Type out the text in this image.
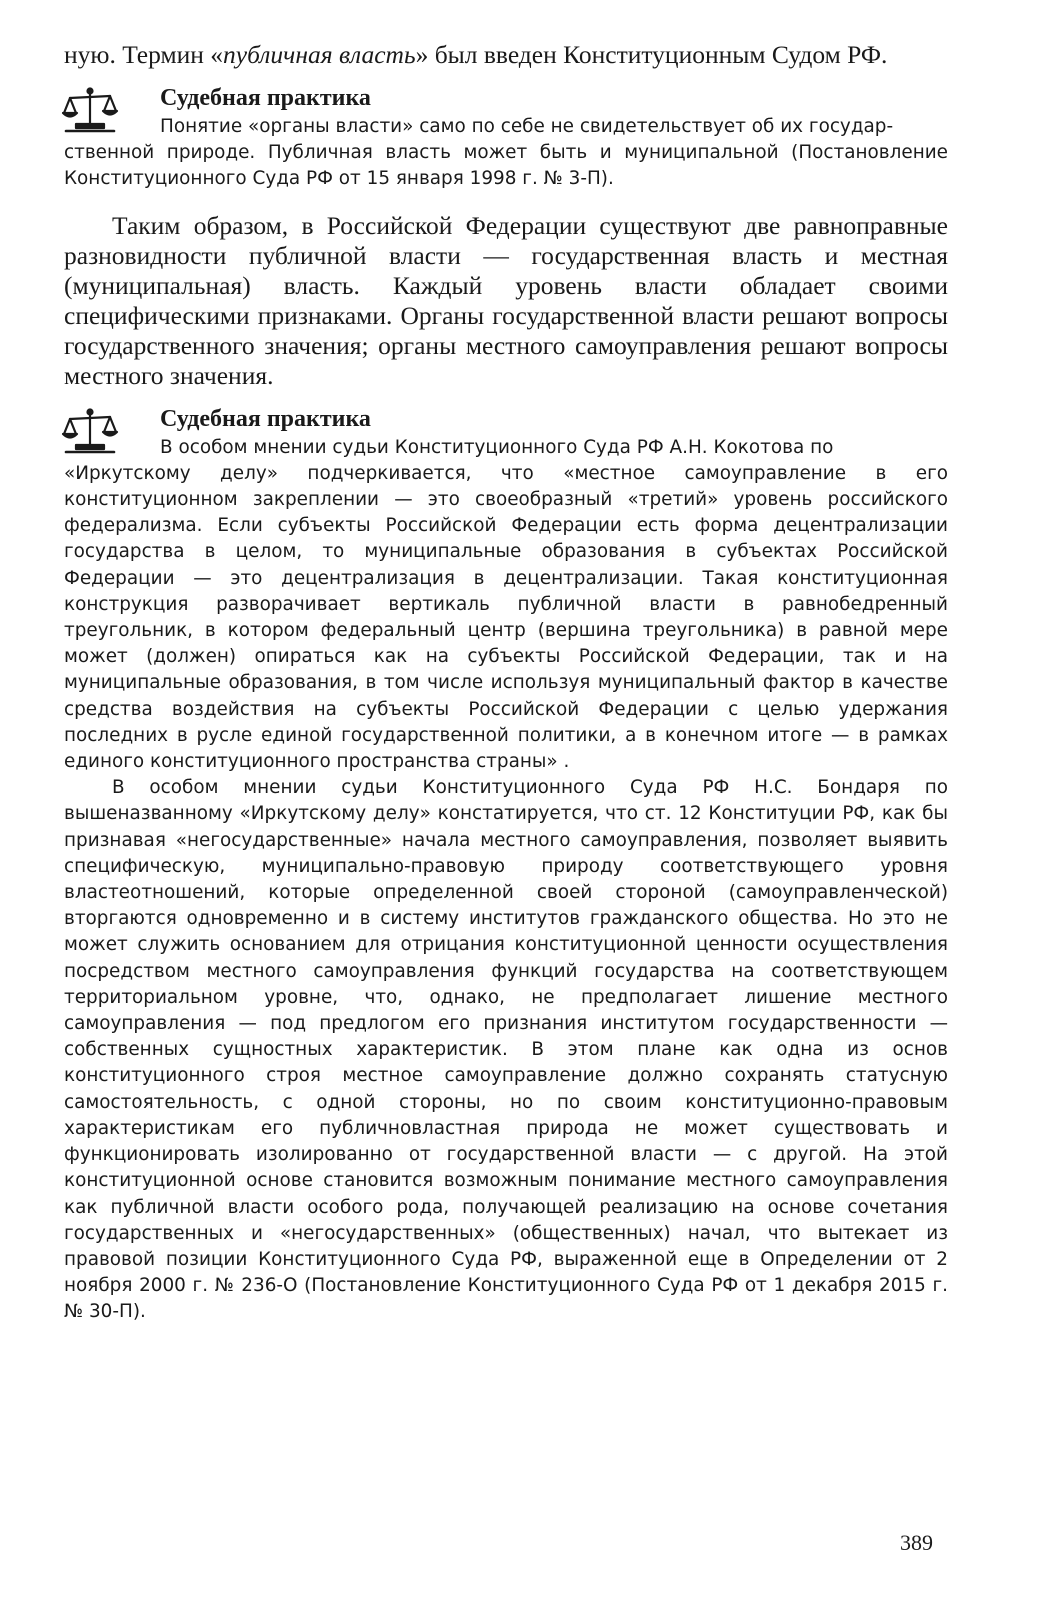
ную. Термин «публичная власть» был введен Конституционным Судом РФ.

Судебная практика

Понятие «органы власти» само по себе не свидетельствует об их государ-
ственной природе. Публичная власть может быть и муниципальной (Постановление Конституционного Суда РФ от 15 января 1998 г. № 3-П).

Таким образом, в Российской Федерации существуют две равноправные разновидности публичной власти — государственная власть и местная (муниципальная) власть. Каждый уровень власти обладает своими специфическими признаками. Органы государственной власти решают вопросы государственного значения; органы местного самоуправления решают вопросы местного значения.

Судебная практика

В особом мнении судьи Конституционного Суда РФ А.Н. Кокотова по
«Иркутскому делу» подчеркивается, что «местное самоуправление в его конституционном закреплении — это своеобразный «третий» уровень российского федерализма. Если субъекты Российской Федерации есть форма децентрализации государства в целом, то муниципальные образования в субъектах Российской Федерации — это децентрализация в децентрализации. Такая конституционная конструкция разворачивает вертикаль публичной власти в равнобедренный треугольник, в котором федеральный центр (вершина треугольника) в равной мере может (должен) опираться как на субъекты Российской Федерации, так и на муниципальные образования, в том числе используя муниципальный фактор в качестве средства воздействия на субъекты Российской Федерации с целью удержания последних в русле единой государственной политики, а в конечном итоге — в рамках единого конституционного пространства страны» .
В особом мнении судьи Конституционного Суда РФ Н.С. Бондаря по вышеназванному «Иркутскому делу» констатируется, что ст. 12 Конституции РФ, как бы признавая «негосударственные» начала местного самоуправления, позволяет выявить специфическую, муниципально-правовую природу соответствующего уровня властеотношений, которые определенной своей стороной (самоуправленческой) вторгаются одновременно и в систему институтов гражданского общества. Но это не может служить основанием для отрицания конституционной ценности осуществления посредством местного самоуправления функций государства на соответствующем территориальном уровне, что, однако, не предполагает лишение местного самоуправления — под предлогом его признания институтом государственности — собственных сущностных характеристик. В этом плане как одна из основ конституционного строя местное самоуправление должно сохранять статусную самостоятельность, с одной стороны, но по своим конституционно-правовым характеристикам его публичновластная природа не может существовать и функционировать изолированно от государственной власти — с другой. На этой конституционной основе становится возможным понимание местного самоуправления как публичной власти особого рода, получающей реализацию на основе сочетания государственных и «негосударственных» (общественных) начал, что вытекает из правовой позиции Конституционного Суда РФ, выраженной еще в Определении от 2 ноября 2000 г. № 236-О (Постановление Конституционного Суда РФ от 1 декабря 2015 г. № 30-П).
389
